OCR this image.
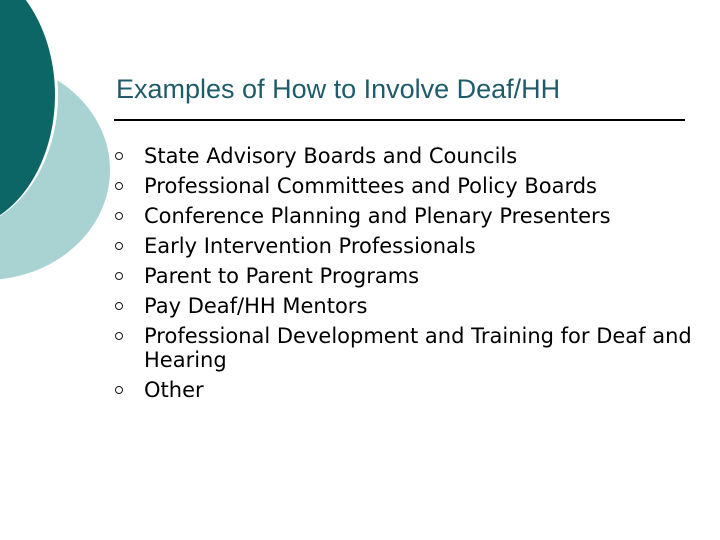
Examples of How to Involve Deaf/HH
State Advisory Boards and Councils
Professional Committees and Policy Boards
Conference Planning and Plenary Presenters
Early Intervention Professionals
Parent to Parent Programs
Pay Deaf/HH Mentors
Professional Development and Training for Deaf and Hearing
Other
